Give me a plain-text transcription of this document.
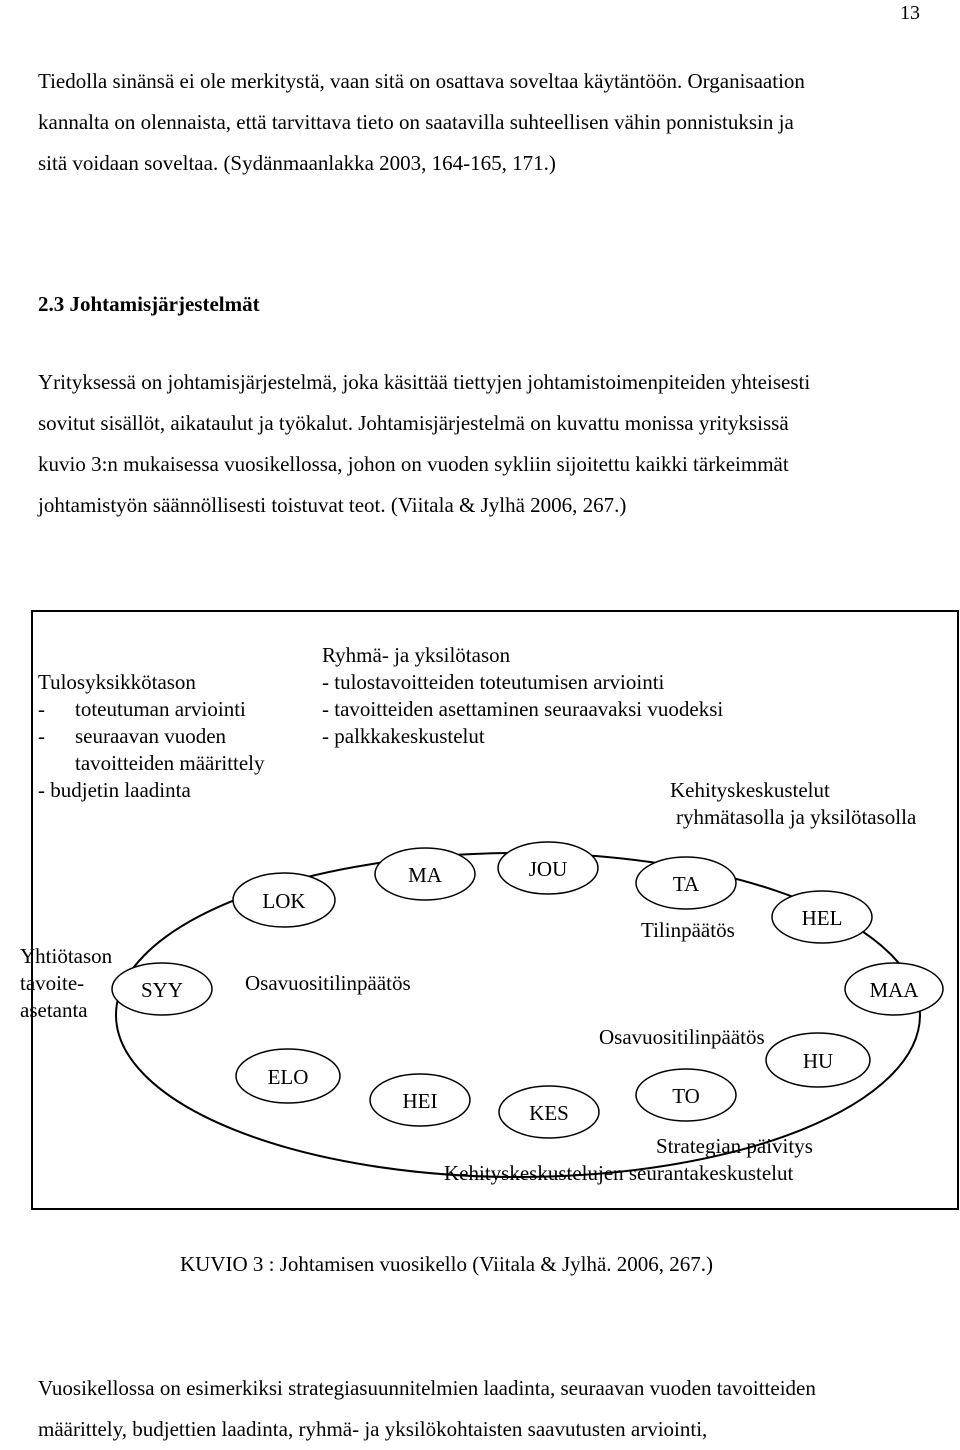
13

Tiedolla sinänsä ei ole merkitystä, vaan sitä on osattava soveltaa käytäntöön. Organisaation
kannalta on olennaista, että tarvittava tieto on saatavilla suhteellisen vähin ponnistuksin ja
sitä voidaan soveltaa. (Sydänmaanlakka 2003, 164-165, 171.)

2.3 Johtamisjärjestelmät

Yrityksessä on johtamisjärjestelmä, joka käsittää tiettyjen johtamistoimenpiteiden yhteisesti
sovitut sisällöt, aikataulut ja työkalut. Johtamisjärjestelmä on kuvattu monissa yrityksissä
kuvio 3:n mukaisessa vuosikellossa, johon on vuoden sykliin sijoitettu kaikki tärkeimmät
johtamistyön säännöllisesti toistuvat teot. (Viitala & Jylhä 2006, 267.)

Tulosyksikkötason
- toteutuman arviointi
- seuraavan vuoden
tavoitteiden määrittely
- budjetin laadinta
Ryhmä- ja yksilötason
- tulostavoitteiden toteutumisen arviointi
- tavoitteiden asettaminen seuraavaksi vuodeksi
- palkkakeskustelut
Kehityskeskustelut
ryhmätasolla ja yksilötasolla
Yhtiötason
tavoite-
asetanta
SYY
LOK
MA	JOU
TA
HEL
MAA
HU
TO
KES
HEI
ELO
Osavuositilinpäätös
Tilinpäätös
Osavuositilinpäätös
Strategian päivitys
Kehityskeskustelujen seurantakeskustelut
KUVIO 3 : Johtamisen vuosikello (Viitala & Jylhä. 2006, 267.)

Vuosikellossa on esimerkiksi strategiasuunnitelmien laadinta, seuraavan vuoden tavoitteiden
määrittely, budjettien laadinta, ryhmä- ja yksilökohtaisten saavutusten arviointi,
